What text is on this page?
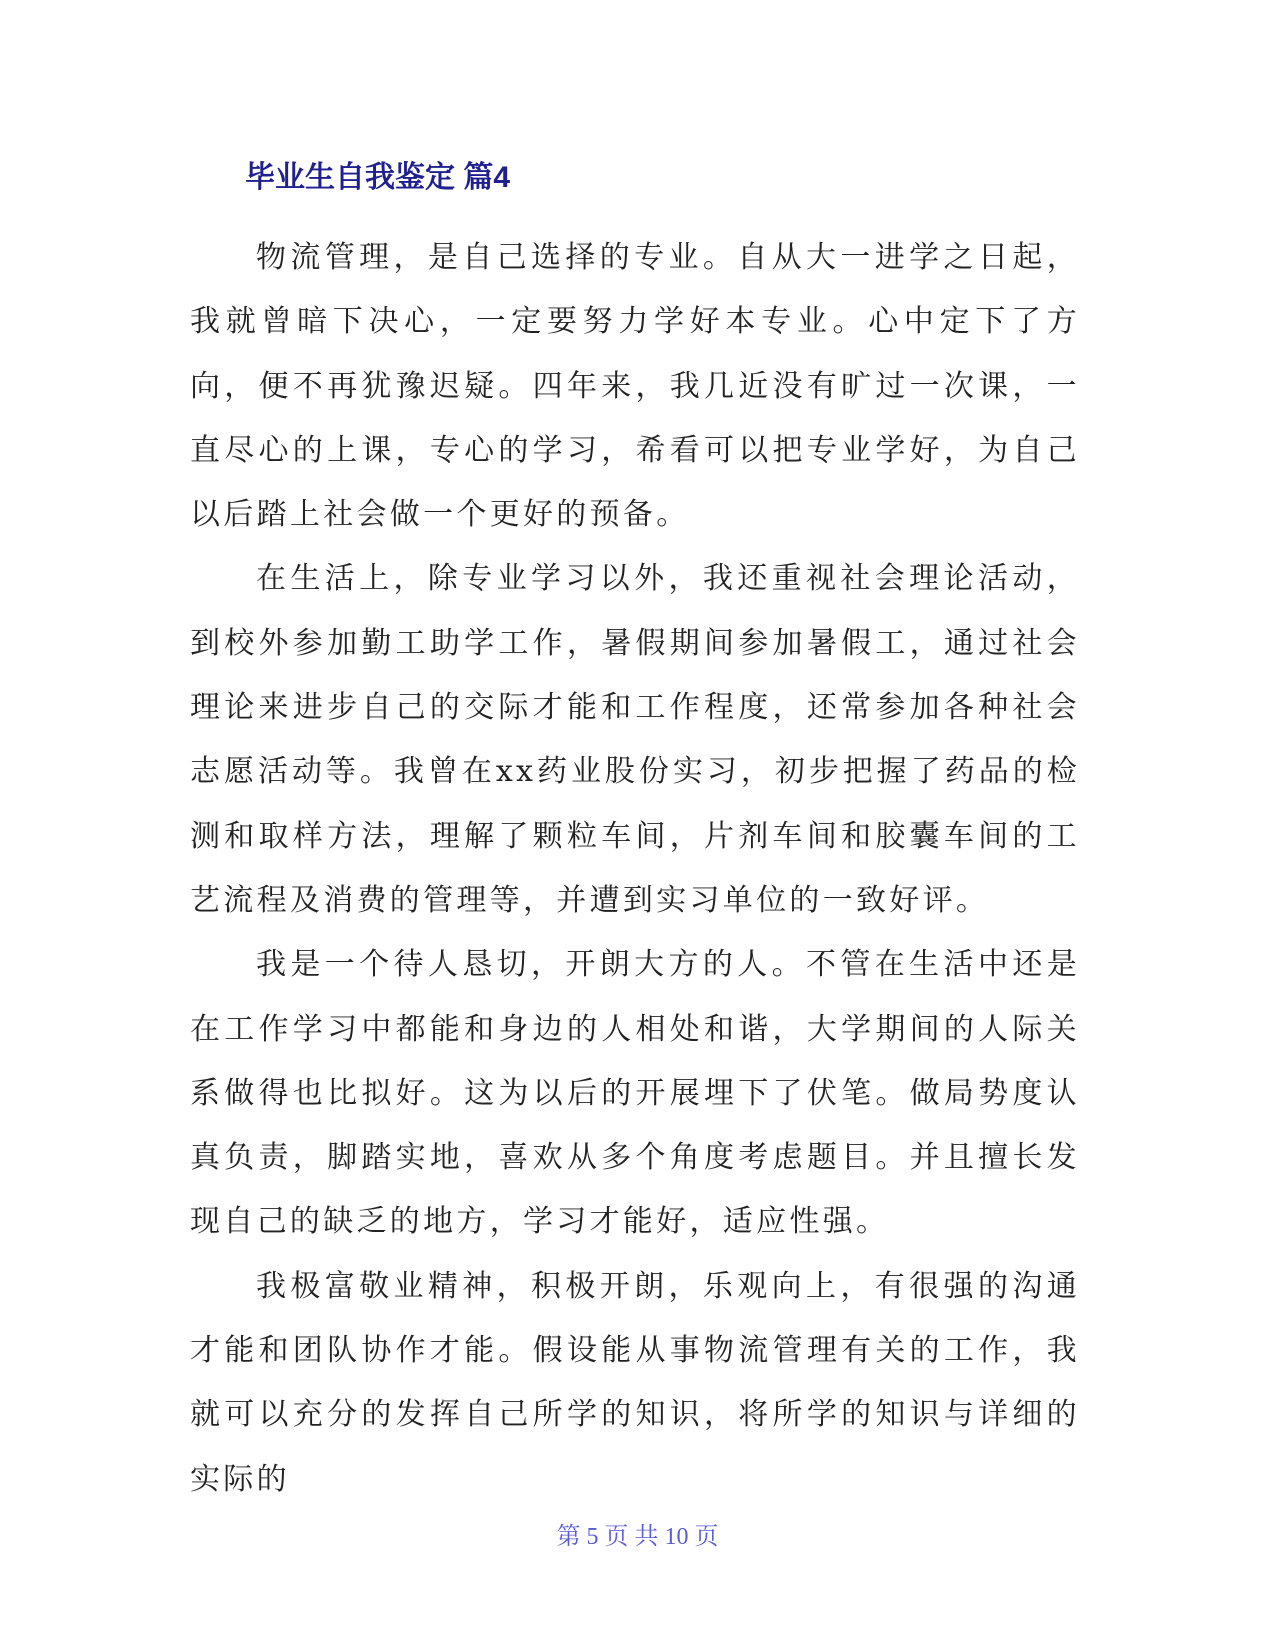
毕业生自我鉴定 篇4

物流管理，是自己选择的专业。自从大一进学之日起，我就曾暗下决心，一定要努力学好本专业。心中定下了方向，便不再犹豫迟疑。四年来，我几近没有旷过一次课，一直尽心的上课，专心的学习，希看可以把专业学好，为自己以后踏上社会做一个更好的预备。

在生活上，除专业学习以外，我还重视社会理论活动，到校外参加勤工助学工作，暑假期间参加暑假工，通过社会理论来进步自己的交际才能和工作程度，还常参加各种社会志愿活动等。我曾在xx药业股份实习，初步把握了药品的检测和取样方法，理解了颗粒车间，片剂车间和胶囊车间的工艺流程及消费的管理等，并遭到实习单位的一致好评。

我是一个待人恳切，开朗大方的人。不管在生活中还是在工作学习中都能和身边的人相处和谐，大学期间的人际关系做得也比拟好。这为以后的开展埋下了伏笔。做局势度认真负责，脚踏实地，喜欢从多个角度考虑题目。并且擅长发现自己的缺乏的地方，学习才能好，适应性强。

我极富敬业精神，积极开朗，乐观向上，有很强的沟通才能和团队协作才能。假设能从事物流管理有关的工作，我就可以充分的发挥自己所学的知识，将所学的知识与详细的实际的

第 5 页 共 10 页
